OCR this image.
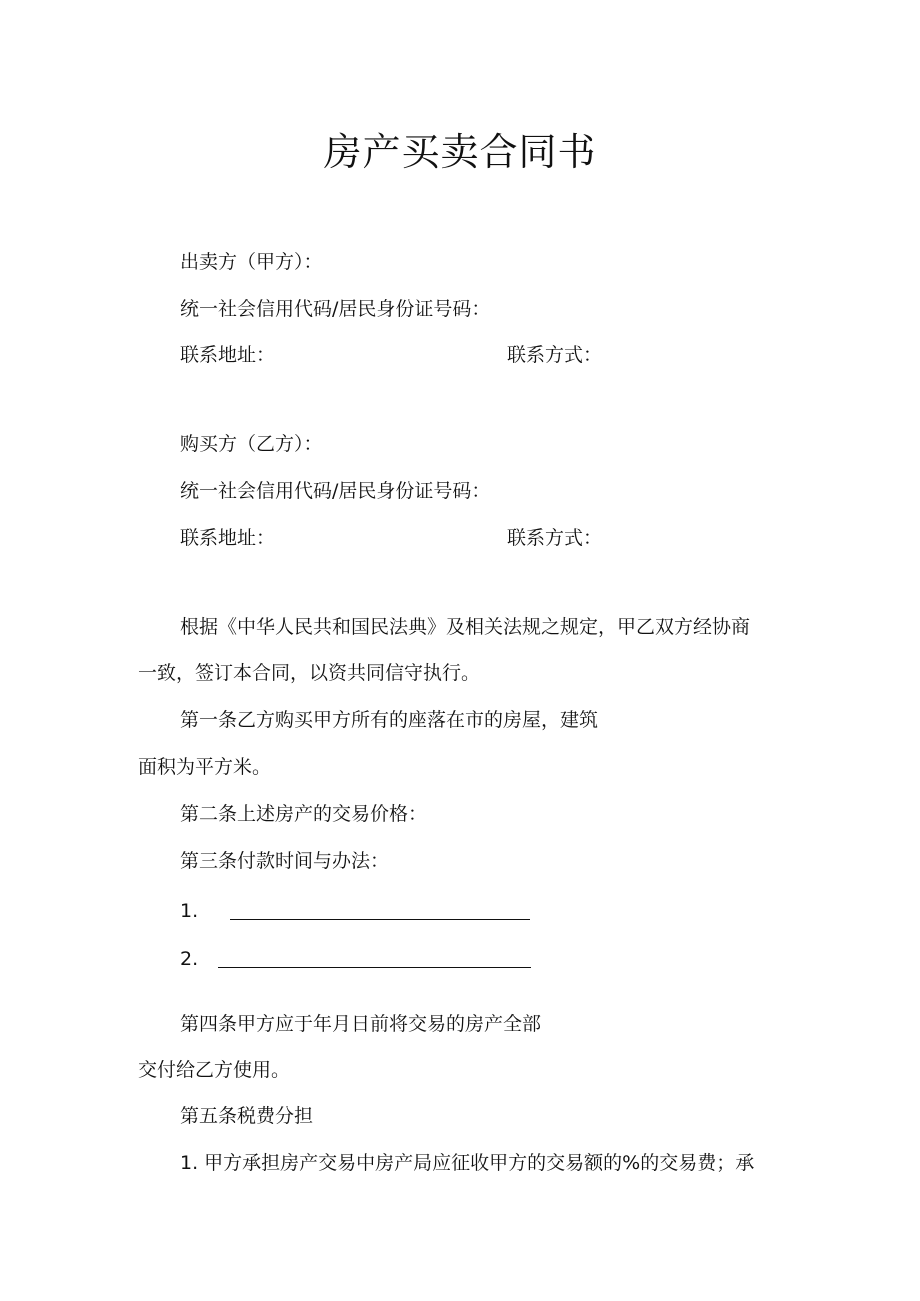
房产买卖合同书
出卖方（甲方）：
统一社会信用代码/居民身份证号码：
联系地址：	联系方式：
购买方（乙方）：
统一社会信用代码/居民身份证号码：
联系地址：	联系方式：
根据《中华人民共和国民法典》及相关法规之规定，甲乙双方经协商
一致，签订本合同，以资共同信守执行。
第一条乙方购买甲方所有的座落在市的房屋，建筑
面积为平方米。
第二条上述房产的交易价格：
第三条付款时间与办法：
1.
2.
第四条甲方应于年月日前将交易的房产全部
交付给乙方使用。
第五条税费分担
1. 甲方承担房产交易中房产局应征收甲方的交易额的%的交易费；承
